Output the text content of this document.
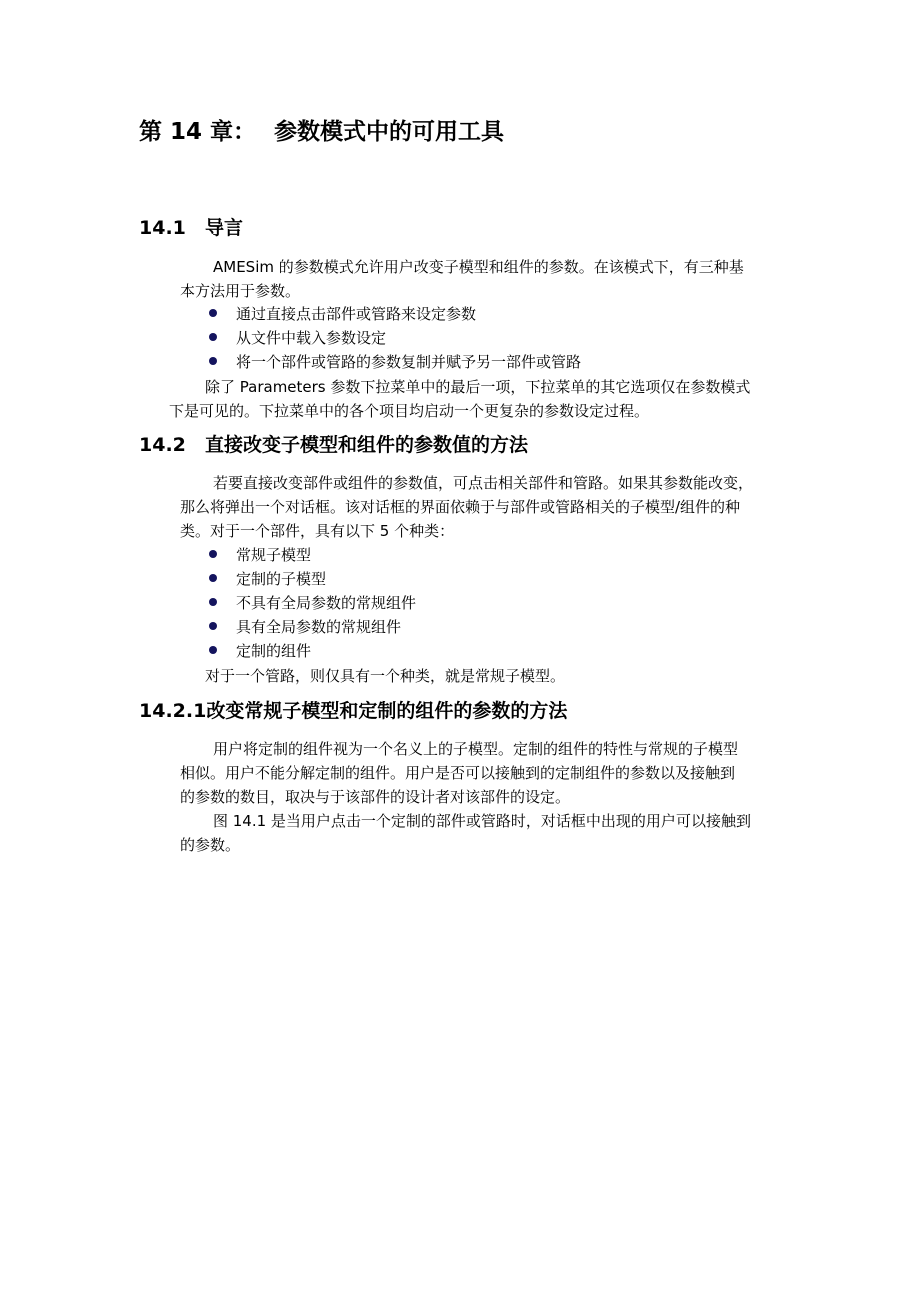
第 14 章： 参数模式中的可用工具
14.1 导言
AMESim 的参数模式允许用户改变子模型和组件的参数。在该模式下，有三种基
本方法用于参数。
通过直接点击部件或管路来设定参数
从文件中载入参数设定
将一个部件或管路的参数复制并赋予另一部件或管路
除了 Parameters 参数下拉菜单中的最后一项，下拉菜单的其它选项仅在参数模式
下是可见的。下拉菜单中的各个项目均启动一个更复杂的参数设定过程。
14.2 直接改变子模型和组件的参数值的方法
若要直接改变部件或组件的参数值，可点击相关部件和管路。如果其参数能改变，
那么将弹出一个对话框。该对话框的界面依赖于与部件或管路相关的子模型/组件的种
类。对于一个部件，具有以下 5 个种类：
常规子模型
定制的子模型
不具有全局参数的常规组件
具有全局参数的常规组件
定制的组件
对于一个管路，则仅具有一个种类，就是常规子模型。
14.2.1改变常规子模型和定制的组件的参数的方法
用户将定制的组件视为一个名义上的子模型。定制的组件的特性与常规的子模型
相似。用户不能分解定制的组件。用户是否可以接触到的定制组件的参数以及接触到
的参数的数目，取决与于该部件的设计者对该部件的设定。
图 14.1 是当用户点击一个定制的部件或管路时，对话框中出现的用户可以接触到
的参数。
